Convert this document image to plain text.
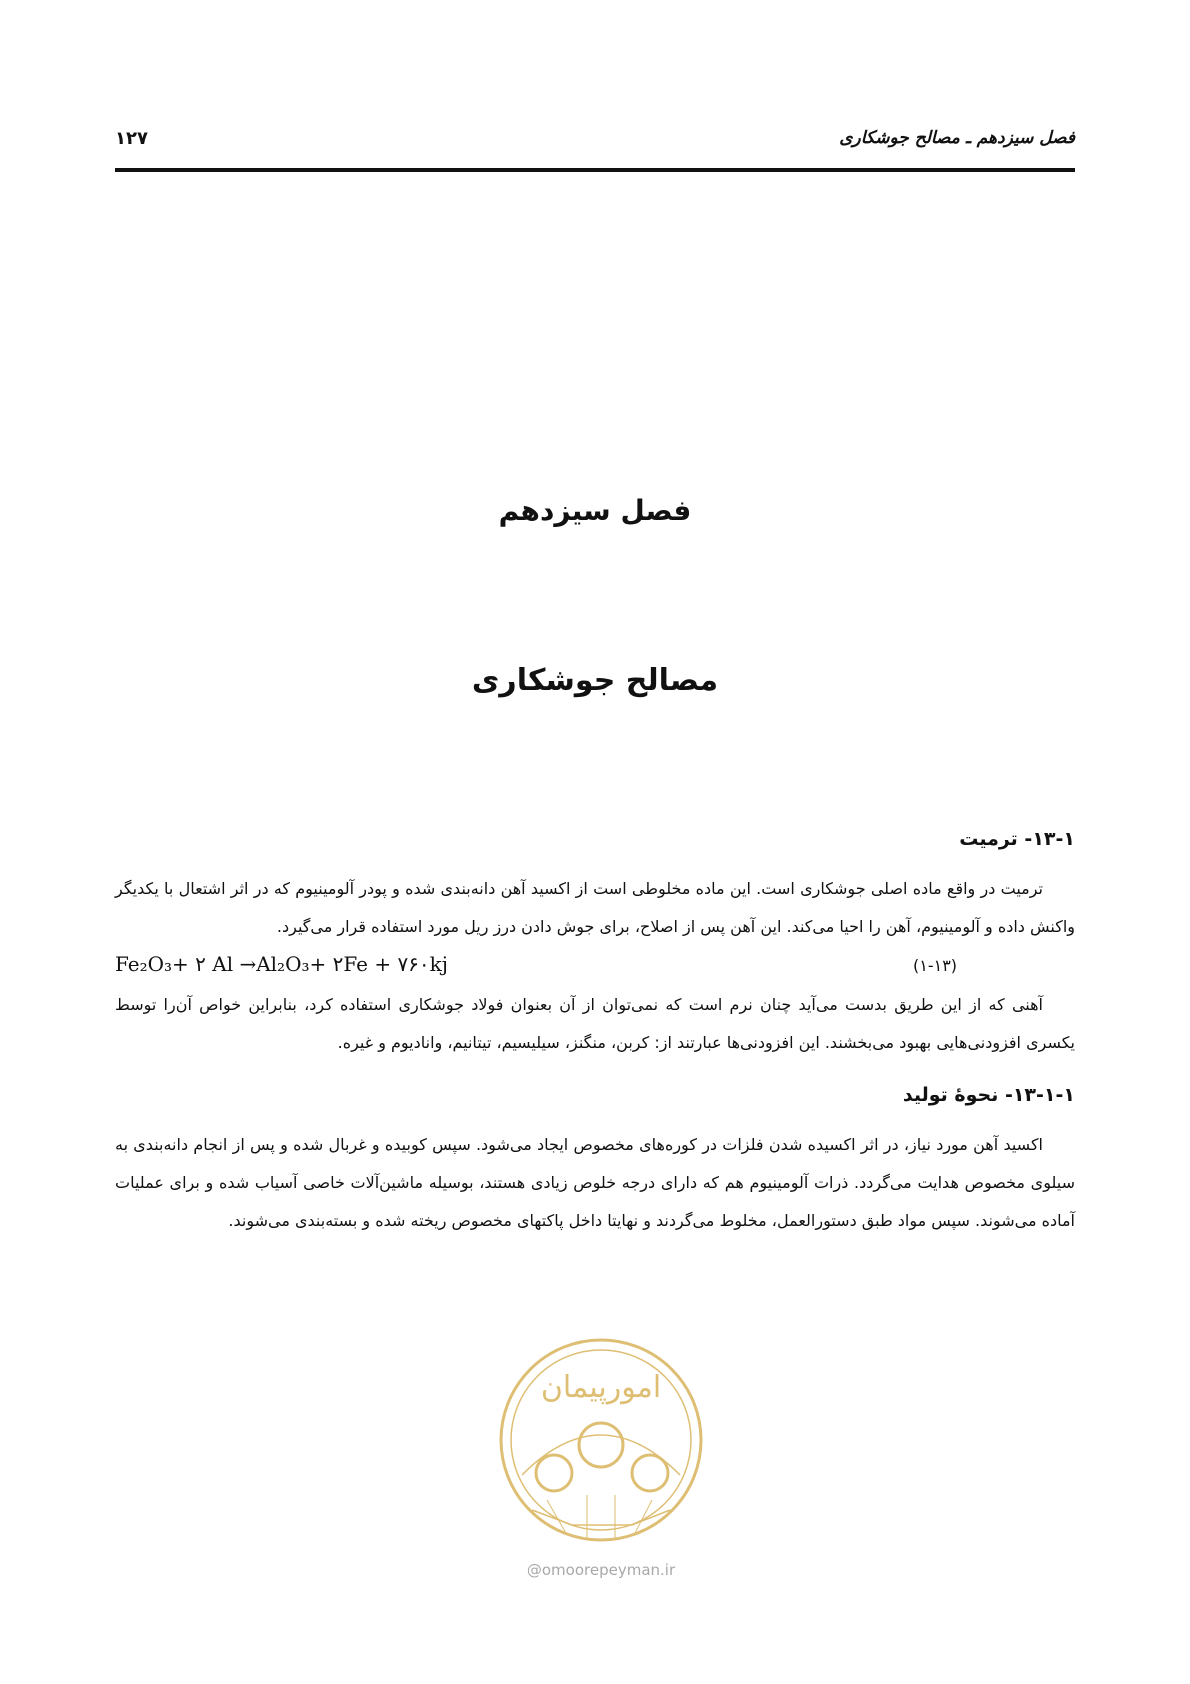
فصل سیزدهم ـ مصالح جوشکاری
۱۲۷
فصل سیزدهم
مصالح جوشکاری
۱۳-۱- ترمیت

ترمیت در واقع ماده اصلی جوشکاری است. این ماده مخلوطی است از اکسید آهن دانه‌بندی شده و پودر آلومینیوم که در اثر اشتعال با یکدیگر واکنش داده و آلومینیوم، آهن را احیا می‌کند. این آهن پس از اصلاح، برای جوش دادن درز ریل مورد استفاده قرار می‌گیرد.

Fe₂O₃+ ۲ Al →Al₂O₃+ ۲Fe + ۷۶۰kj	(۱-۱۳)

آهنی که از این طریق بدست می‌آید چنان نرم است که نمی‌توان از آن بعنوان فولاد جوشکاری استفاده کرد، بنابراین خواص آن‌را توسط یکسری افزودنی‌هایی بهبود می‌بخشند. این افزودنی‌ها عبارتند از: کربن، منگنز، سیلیسیم، تیتانیم، وانادیوم و غیره.

۱۳-۱-۱- نحوهٔ تولید

اکسید آهن مورد نیاز، در اثر اکسیده شدن فلزات در کوره‌های مخصوص ایجاد می‌شود. سپس کوبیده و غربال شده و پس از انجام دانه‌بندی به سیلوی مخصوص هدایت می‌گردد. ذرات آلومینیوم هم که دارای درجه خلوص زیادی هستند، بوسیله ماشین‌آلات خاصی آسیاب شده و برای عملیات آماده می‌شوند. سپس مواد طبق دستورالعمل، مخلوط می‌گردند و نهایتا داخل پاکتهای مخصوص ریخته شده و بسته‌بندی می‌شوند.

امورپیمان
@omoorepeyman.ir
